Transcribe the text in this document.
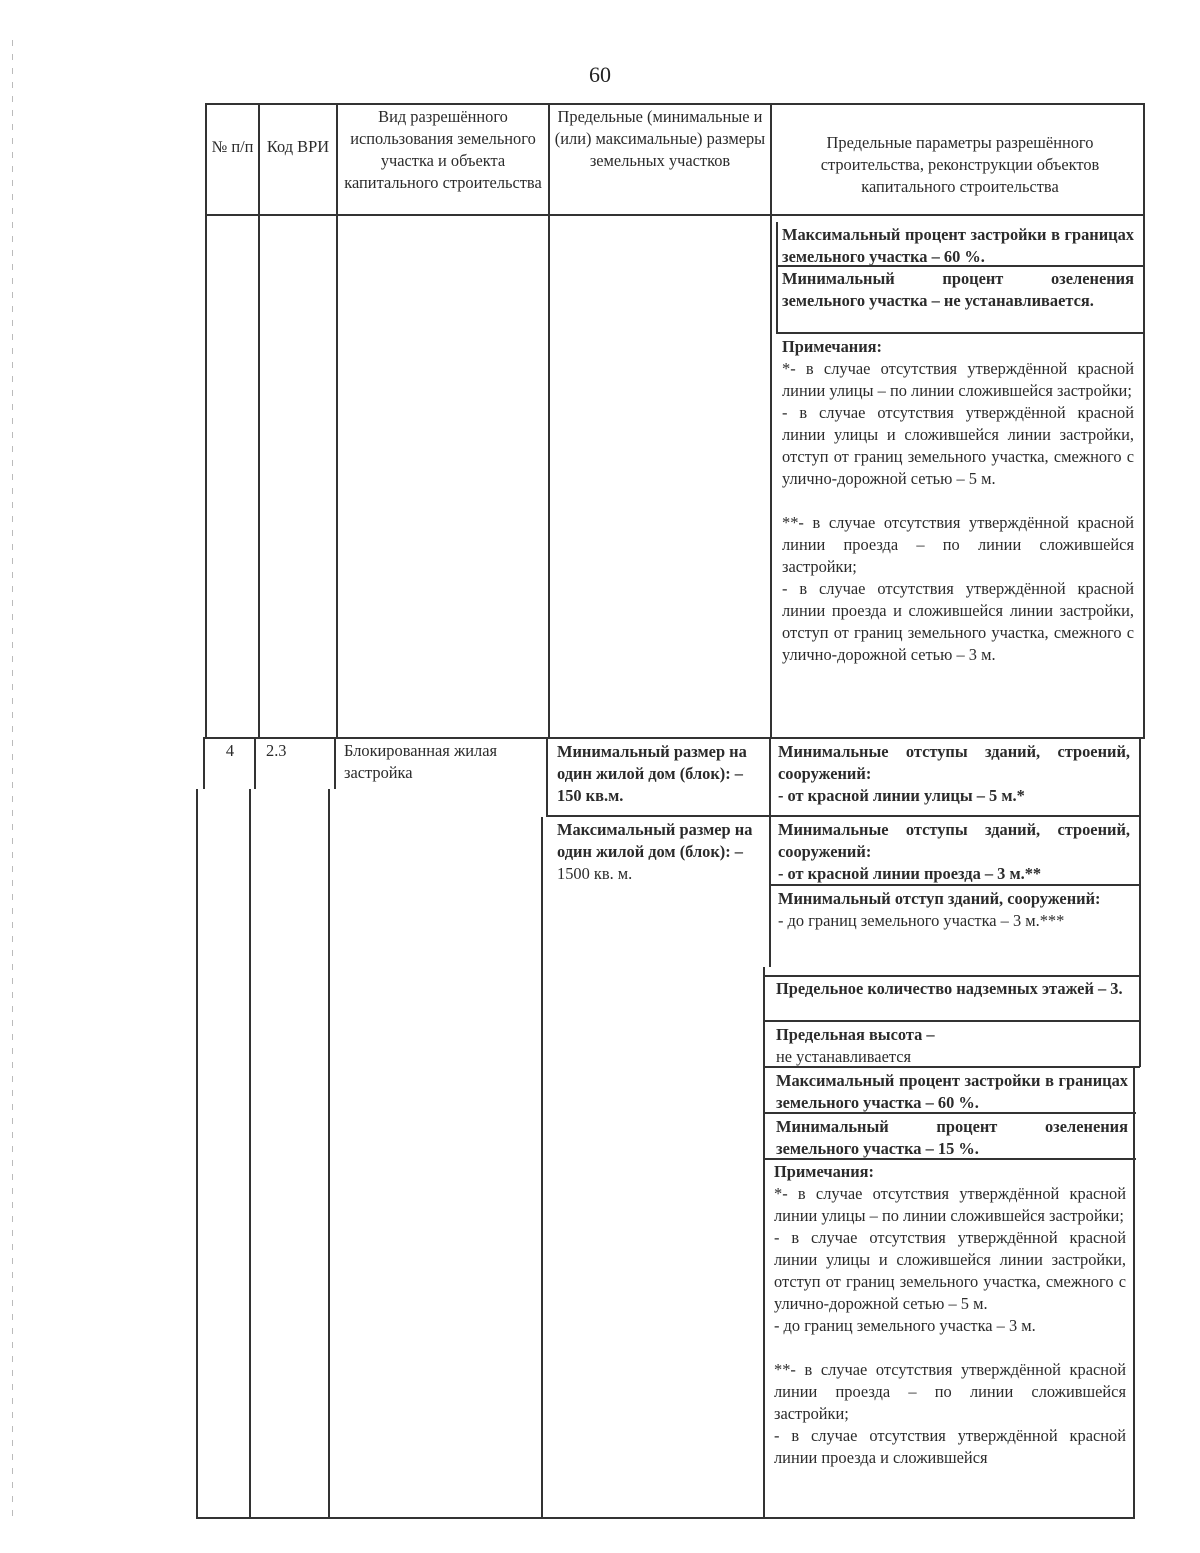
60
№ п/п Код ВРИ
Вид разрешённого использования земельного участка и объекта капитального строительства
Предельные (минимальные и (или) максимальные) размеры земельных участков
Предельные параметры разрешённого строительства, реконструкции объектов капитального строительства
Максимальный процент застройки в границах земельного участка – 60 %.
Минимальный процент озеленения земельного участка – не устанавливается.
Примечания:
*- в случае отсутствия утверждённой красной линии улицы – по линии сложившейся застройки;
- в случае отсутствия утверждённой красной линии улицы и сложившейся линии застройки, отступ от границ земельного участка, смежного с улично-дорожной сетью – 5 м.
**- в случае отсутствия утверждённой красной линии проезда – по линии сложившейся застройки;
- в случае отсутствия утверждённой красной линии проезда и сложившейся линии застройки, отступ от границ земельного участка, смежного с улично-дорожной сетью – 3 м.
4	2.3	Блокированная жилая застройка
Минимальный размер на один жилой дом (блок): –150 кв.м.
Максимальный размер на один жилой дом (блок): –
1500 кв. м.
Минимальные отступы зданий, строений, сооружений:
- от красной линии улицы – 5 м.*
Минимальные отступы зданий, строений, сооружений:
- от красной линии проезда – 3 м.**
Минимальный отступ зданий, сооружений:
- до границ земельного участка – 3 м.***
Предельное количество надземных этажей – 3.
Предельная высота –
не устанавливается
Максимальный процент застройки в границах земельного участка – 60 %.
Минимальный процент озеленения земельного участка – 15 %.
Примечания:
*- в случае отсутствия утверждённой красной линии улицы – по линии сложившейся застройки;
- в случае отсутствия утверждённой красной линии улицы и сложившейся линии застройки, отступ от границ земельного участка, смежного с улично-дорожной сетью – 5 м.
- до границ земельного участка – 3 м.
**- в случае отсутствия утверждённой красной линии проезда – по линии сложившейся застройки;
- в случае отсутствия утверждённой красной линии проезда и сложившейся
